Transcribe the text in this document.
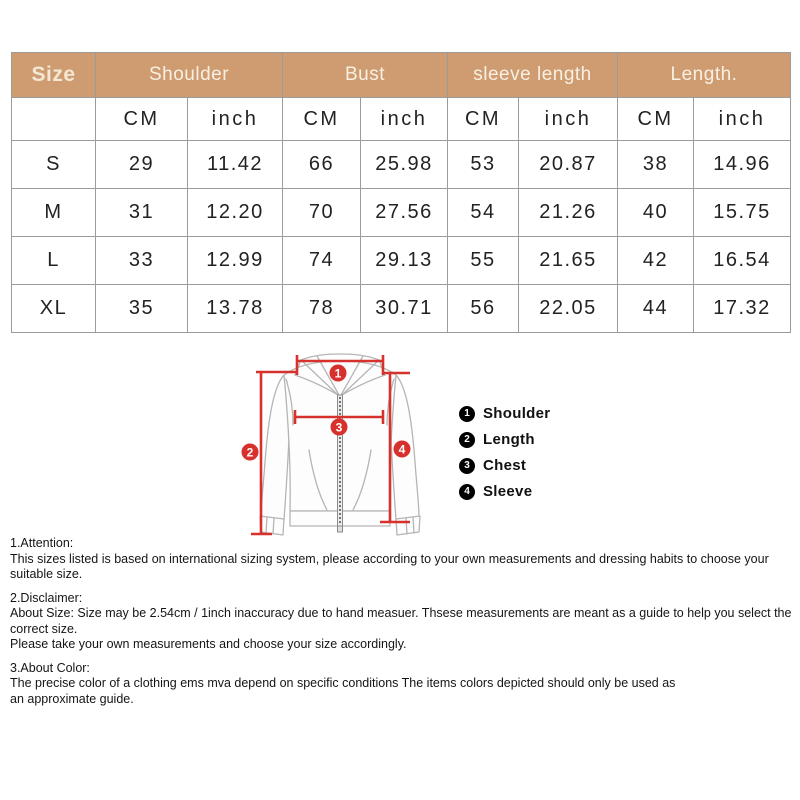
Size	Shoulder		Bust		sleeve length		Length.	
	CM	inch	CM	inch	CM	inch	CM	inch
S	29	11.42	66	25.98	53	20.87	38	14.96
M	31	12.20	70	27.56	54	21.26	40	15.75
L	33	12.99	74	29.13	55	21.65	42	16.54
XL	35	13.78	78	30.71	56	22.05	44	17.32
1
2
3
4
1 Shoulder
2 Length
3 Chest
4 Sleeve

1.Attention:
This sizes listed is based on international sizing system, please according to your own measurements and dressing habits to choose your suitable size.

2.Disclaimer:
About Size: Size may be 2.54cm / 1inch inaccuracy due to hand measuer. Thsese measurements are meant as a guide to help you select the correct size.
Please take your own measurements and choose your size accordingly.

3.About Color:
The precise color of a clothing ems mva depend on specific conditions The items colors depicted should only be used as
an approximate guide.
